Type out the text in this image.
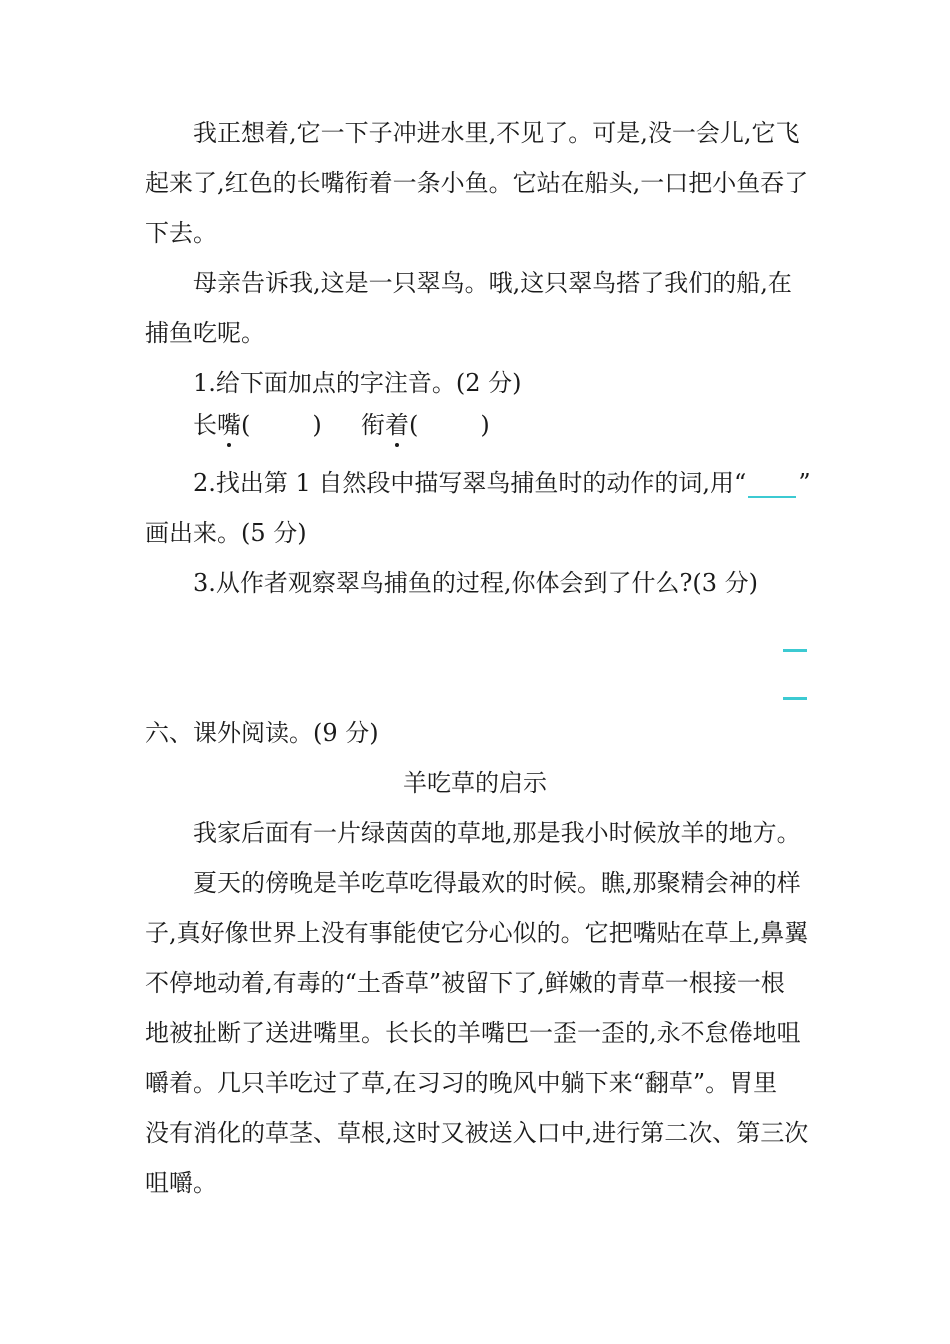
我正想着,它一下子冲进水里,不见了。可是,没一会儿,它飞
起来了,红色的长嘴衔着一条小鱼。它站在船头,一口把小鱼吞了
下去。
母亲告诉我,这是一只翠鸟。哦,这只翠鸟搭了我们的船,在
捕鱼吃呢。
1.给下面加点的字注音。(2 分)
长嘴(	) 衔着(	)
2.找出第 1 自然段中描写翠鸟捕鱼时的动作的词,用“ ”
画出来。(5 分)
3.从作者观察翠鸟捕鱼的过程,你体会到了什么?(3 分)
六、课外阅读。(9 分)
羊吃草的启示
我家后面有一片绿茵茵的草地,那是我小时候放羊的地方。
夏天的傍晚是羊吃草吃得最欢的时候。瞧,那聚精会神的样
子,真好像世界上没有事能使它分心似的。它把嘴贴在草上,鼻翼
不停地动着,有毒的“土香草”被留下了,鲜嫩的青草一根接一根
地被扯断了送进嘴里。长长的羊嘴巴一歪一歪的,永不怠倦地咀
嚼着。几只羊吃过了草,在习习的晚风中躺下来“翻草”。胃里
没有消化的草茎、草根,这时又被送入口中,进行第二次、第三次
咀嚼。
